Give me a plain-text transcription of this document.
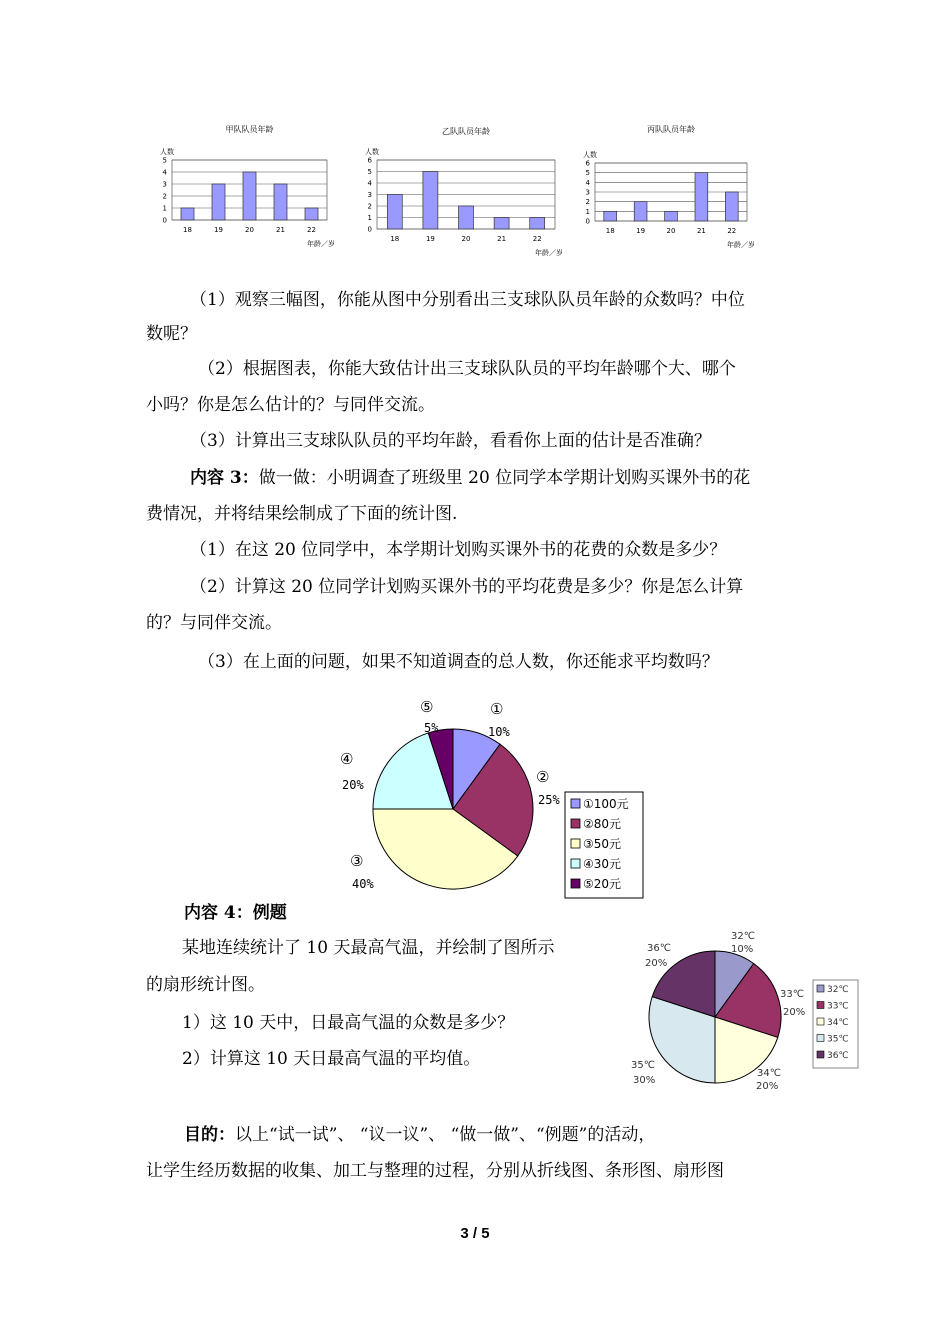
甲队队员年龄
人数
0
1
2
3
4
5
18	19	20	21	22
年龄／岁
乙队队员年龄
人数
0
1
2
3
4
5
6
18	19	20	21	22
年龄／岁
丙队队员年龄
人数
0
1
2
3
4
5
6
18	19	20	21	22
年龄／岁
（1）观察三幅图，你能从图中分别看出三支球队队员年龄的众数吗？中位

数呢？
（2）根据图表，你能大致估计出三支球队队员的平均年龄哪个大、哪个
小吗？你是怎么估计的？与同伴交流。
（3）计算出三支球队队员的平均年龄，看看你上面的估计是否准确？
内容 3：做一做：小明调查了班级里 20 位同学本学期计划购买课外书的花
费情况，并将结果绘制成了下面的统计图.
（1）在这 20 位同学中，本学期计划购买课外书的花费的众数是多少？
（2）计算这 20 位同学计划购买课外书的平均花费是多少？你是怎么计算
的？与同伴交流。
（3）在上面的问题，如果不知道调查的总人数，你还能求平均数吗？
①
10%
②
25%
③
40%
④
20%
⑤
5%
①100元
②80元
③50元
④30元
⑤20元
内容 4：例题
某地连续统计了 10 天最高气温，并绘制了图所示
的扇形统计图。
1）这 10 天中，日最高气温的众数是多少？
2）计算这 10 天日最高气温的平均值。
32℃
10%
33℃
20%
34℃
20%
35℃
30%
36℃
20%
32℃
33℃
34℃
35℃
36℃
目的：以上“试一试”、 “议一议”、 “做一做”、“例题”的活动，
让学生经历数据的收集、加工与整理的过程，分别从折线图、条形图、扇形图
3 / 5
